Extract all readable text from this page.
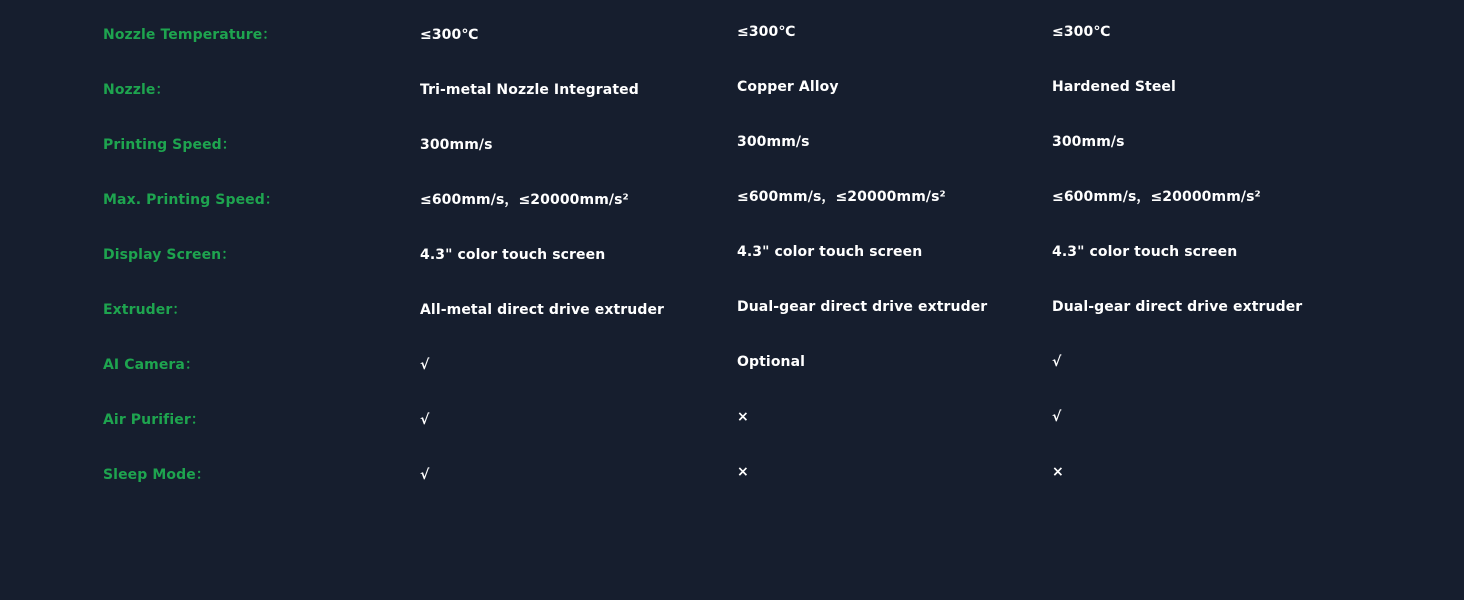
Nozzle Temperature：	≤300℃	≤300℃	≤300℃
Nozzle：	Tri-metal Nozzle Integrated	Copper Alloy	Hardened Steel
Printing Speed：	300mm/s	300mm/s	300mm/s
Max. Printing Speed：	≤600mm/s，≤20000mm/s²	≤600mm/s，≤20000mm/s²	≤600mm/s，≤20000mm/s²
Display Screen：	4.3" color touch screen	4.3" color touch screen	4.3" color touch screen
Extruder：	All-metal direct drive extruder	Dual-gear direct drive extruder	Dual-gear direct drive extruder
AI Camera：	√	Optional	√
Air Purifier：	√	×	√
Sleep Mode：	√	×	×
